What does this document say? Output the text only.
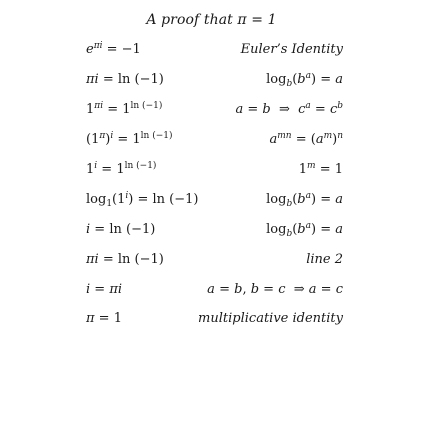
A proof that π = 1
$e^{\pi i} = -1$	Euler’s Identity
πi = ln (−1)	$\log_b(b^a) = a$
$1^{\pi i} = 1^{ln (-1)}$	a = b  ⇒  $c^a = c^b$
$(1^\pi)^i = 1^{ln (-1)}$	$a^{mn} = (a^m)^n$
$1^i = 1^{ln (-1)}$	$1^m = 1$
$\log_1(1^i) = \ln (-1)$	$\log_b(b^a) = a$
i = ln (−1)	$\log_b(b^a) = a$
πi = ln (−1)	line 2
i = πi	a = b, b = c  ⇒ a = c
π = 1	multiplicative identity
